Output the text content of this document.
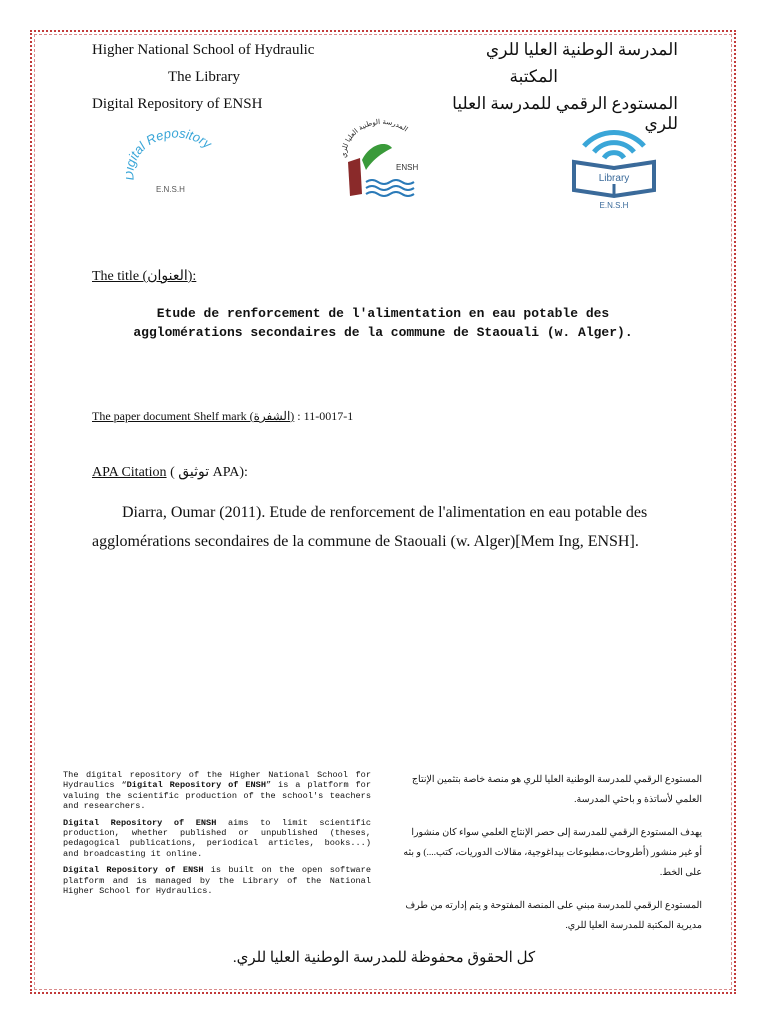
Higher National School of Hydraulic
The Library
Digital Repository of ENSH
المدرسة الوطنية العليا للري
المكتبة
المستودع الرقمي للمدرسة العليا للري
ital Repository
E.N.S.H
المدرسة الوطنية العليا للري
ENSH
Library
E.N.S.H
The title (العنوان):
Etude de renforcement de l'alimentation en eau potable des agglomérations secondaires de la commune de Staouali (w. Alger).
The paper document Shelf mark (الشفرة) : 1-0017-11
APA Citation ( توثيق APA):
Diarra, Oumar (2011). Etude de renforcement de l'alimentation en eau potable des agglomérations secondaires de la commune de Staouali (w. Alger)[Mem Ing, ENSH].

The digital repository of the Higher National School for Hydraulics “Digital Repository of ENSH” is a platform for valuing the scientific production of the school's teachers and researchers.

Digital Repository of ENSH aims to limit scientific production, whether published or unpublished (theses, pedagogical publications, periodical articles, books...) and broadcasting it online.

Digital Repository of ENSH is built on the open software platform and is managed by the Library of the National Higher School for Hydraulics.

المستودع الرقمي للمدرسة الوطنية العليا للري هو منصة خاصة بتثمين الإنتاج العلمي لأساتذة و باحثي المدرسة.

يهدف المستودع الرقمي للمدرسة إلى حصر الإنتاج العلمي سواء كان منشورا أو غير منشور (أطروحات،مطبوعات بيداغوجية، مقالات الدوريات، كتب....) و بثه على الخط.

المستودع الرقمي للمدرسة مبني على المنصة المفتوحة و يتم إدارته من طرف مديرية المكتبة للمدرسة العليا للري.

كل الحقوق محفوظة للمدرسة الوطنية العليا للري.
